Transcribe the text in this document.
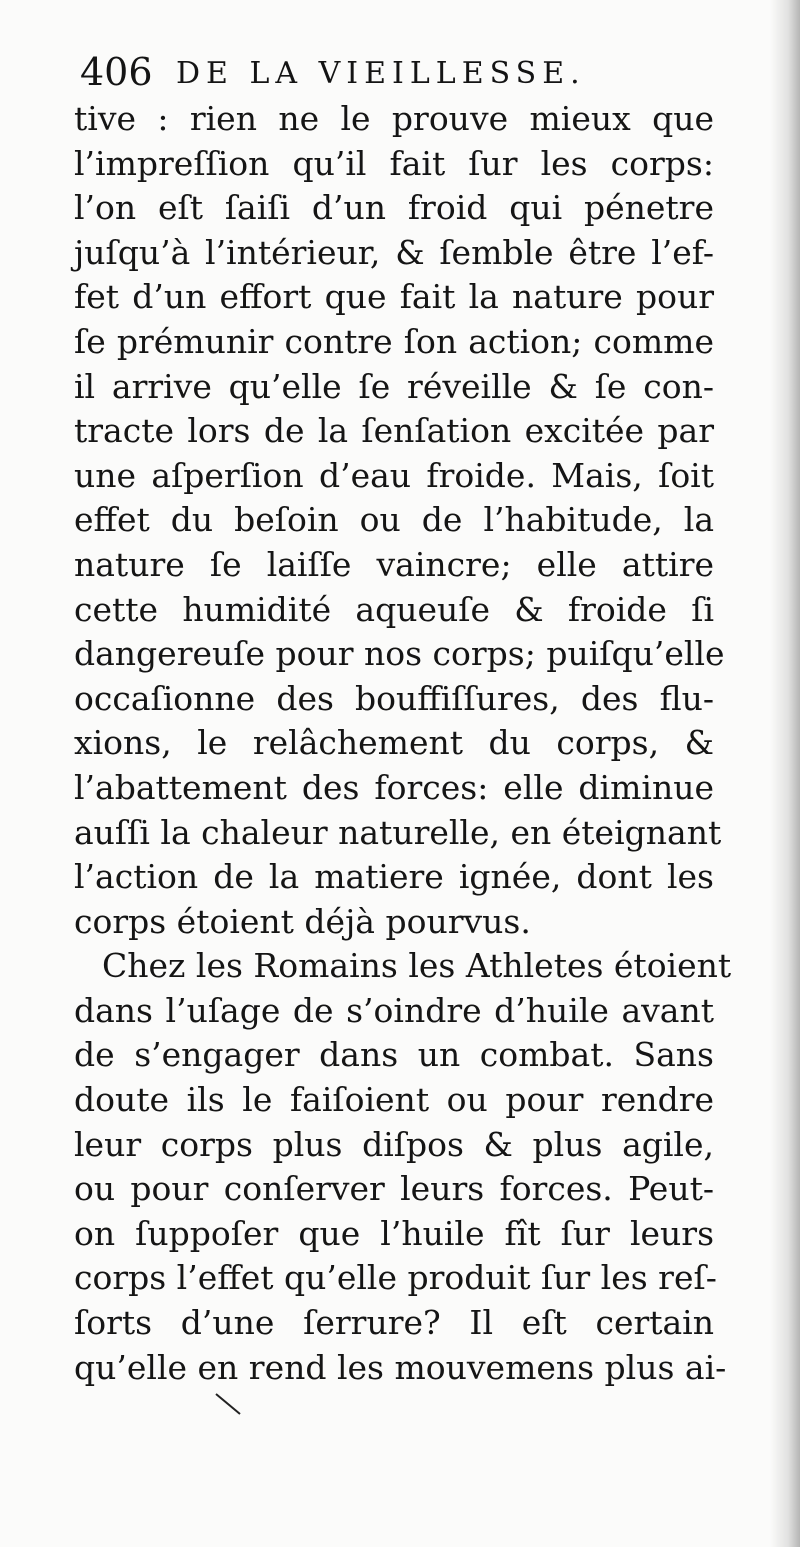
406 DE LA VIEILLESSE.
tive : rien ne le prouve mieux que
l’impreſſion qu’il fait ſur les corps:
l’on eſt ſaiſi d’un froid qui pénetre
juſqu’à l’intérieur, & ſemble être l’ef-
fet d’un effort que fait la nature pour
ſe prémunir contre ſon action; comme
il arrive qu’elle ſe réveille & ſe con-
tracte lors de la ſenſation excitée par
une aſperſion d’eau froide. Mais, ſoit
effet du beſoin ou de l’habitude, la
nature ſe laiſſe vaincre; elle attire
cette humidité aqueuſe & froide ſi
dangereuſe pour nos corps; puiſqu’elle
occaſionne des bouffiſſures, des flu-
xions, le relâchement du corps, &
l’abattement des forces: elle diminue
auſſi la chaleur naturelle, en éteignant
l’action de la matiere ignée, dont les
corps étoient déjà pourvus.
Chez les Romains les Athletes étoient
dans l’uſage de s’oindre d’huile avant
de s’engager dans un combat. Sans
doute ils le faiſoient ou pour rendre
leur corps plus diſpos & plus agile,
ou pour conſerver leurs forces. Peut-
on ſuppoſer que l’huile fît ſur leurs
corps l’effet qu’elle produit ſur les reſ-
ſorts d’une ſerrure? Il eſt certain
qu’elle en rend les mouvemens plus ai-
